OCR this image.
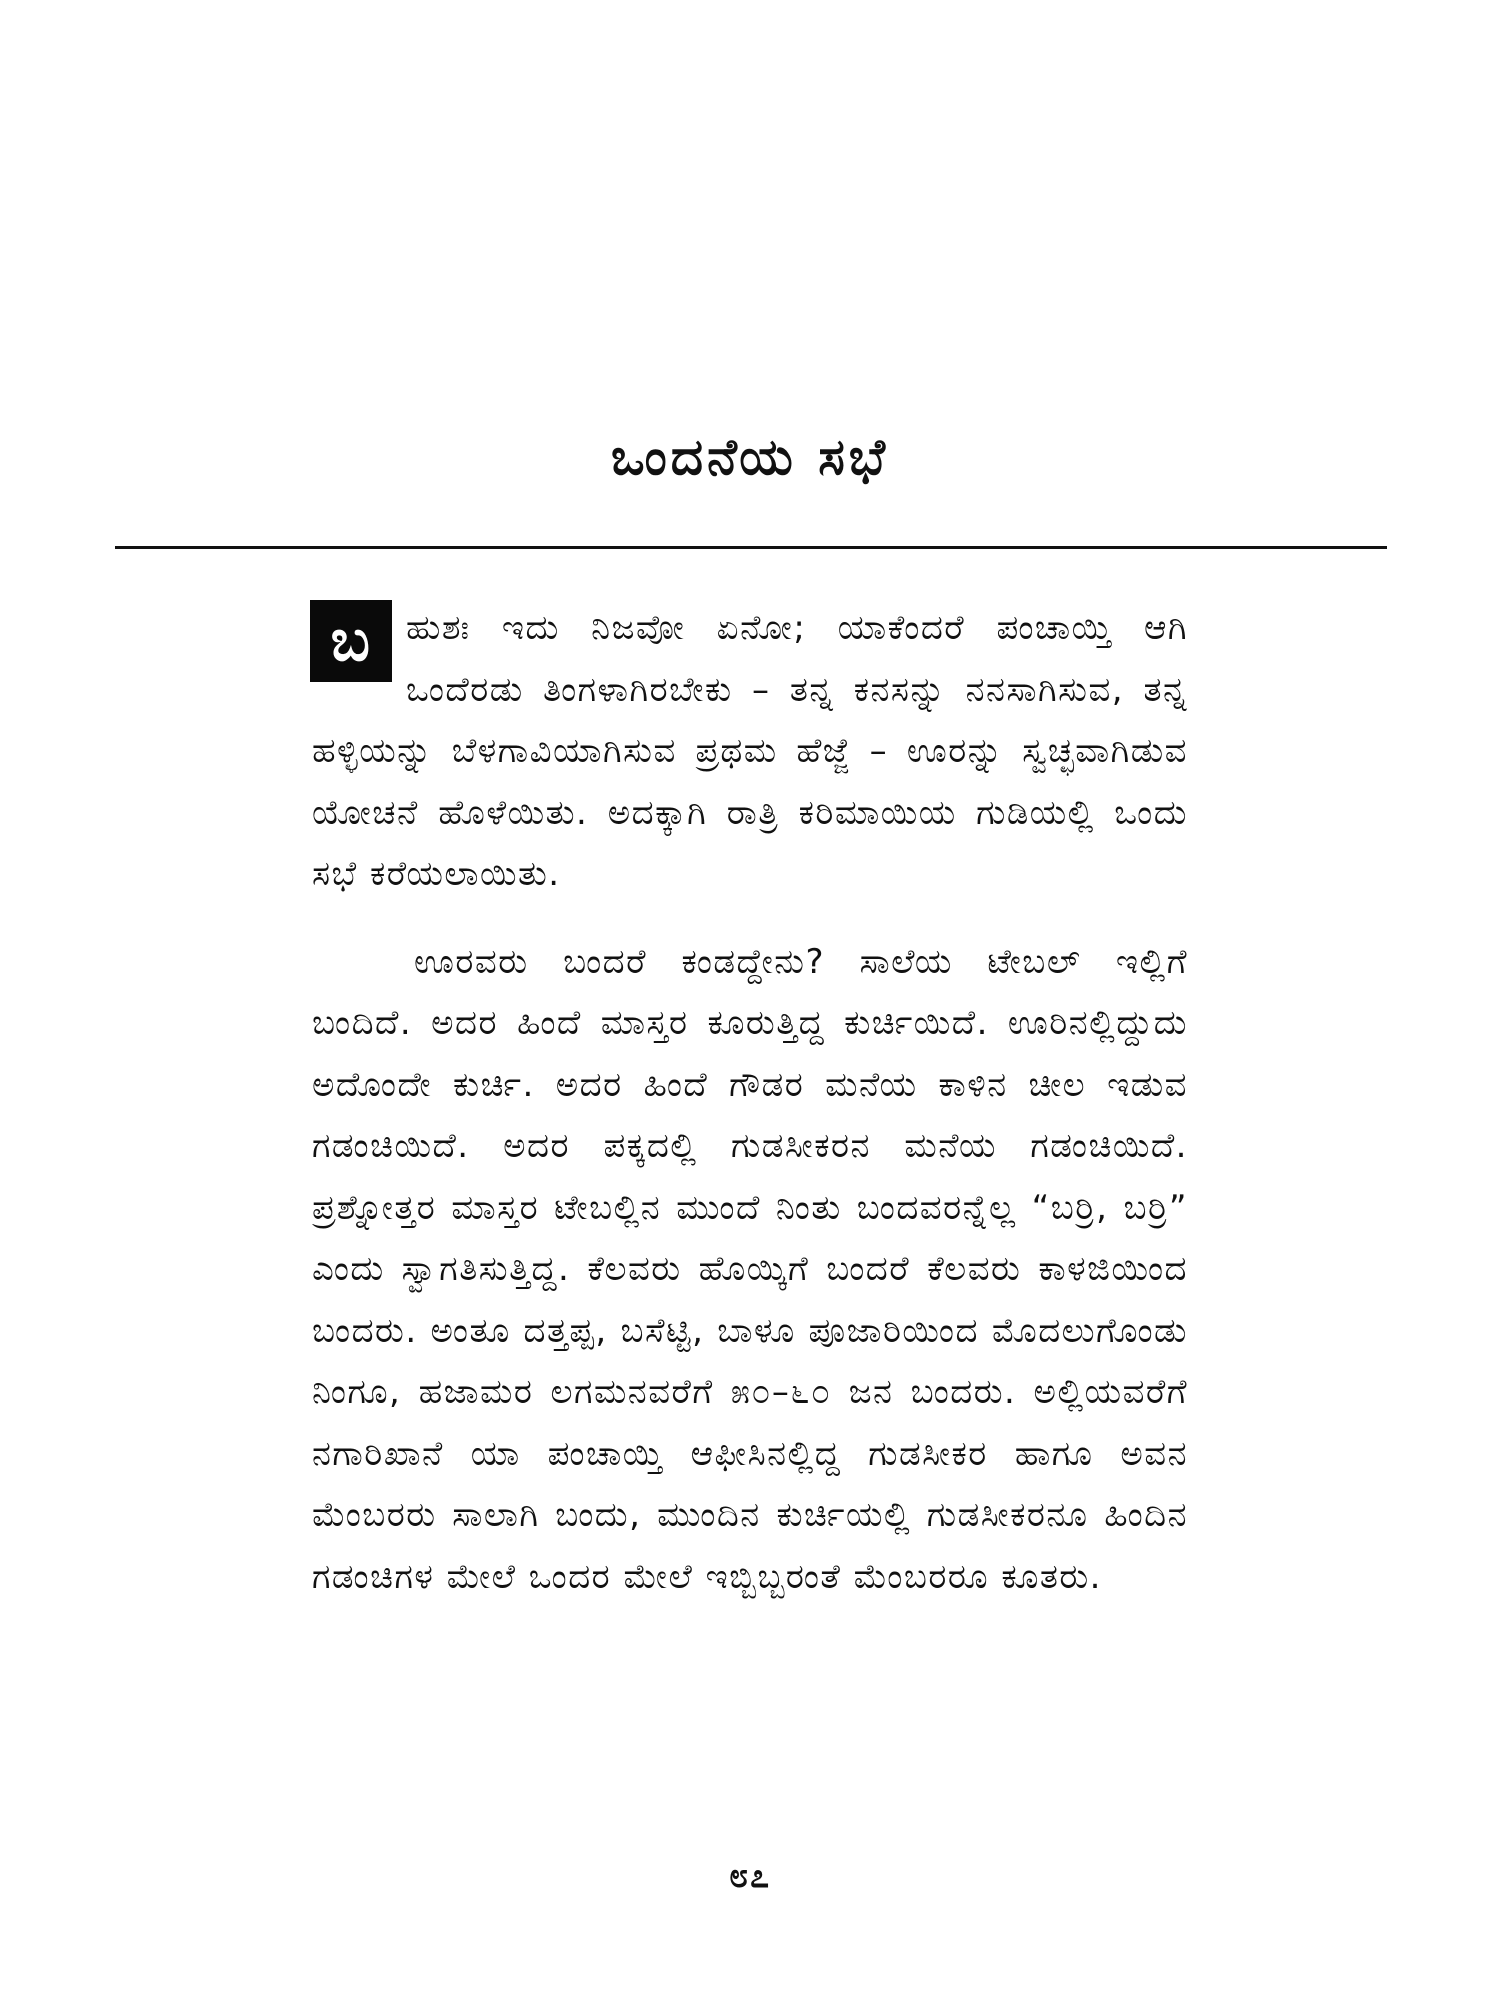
ಒಂದನೆಯ ಸಭೆ

ಬ	ಹುಶಃ ಇದು ನಿಜವೋ ಏನೋ; ಯಾಕೆಂದರೆ ಪಂಚಾಯ್ತಿ ಆಗಿ ಒಂದೆರಡು ತಿಂಗಳಾಗಿರಬೇಕು – ತನ್ನ ಕನಸನ್ನು ನನಸಾಗಿಸುವ, ತನ್ನ ಹಳ್ಳಿಯನ್ನು ಬೆಳಗಾವಿಯಾಗಿಸುವ ಪ್ರಥಮ ಹೆಜ್ಜೆ – ಊರನ್ನು ಸ್ವಚ್ಛವಾಗಿಡುವ ಯೋಚನೆ ಹೊಳೆಯಿತು. ಅದಕ್ಕಾಗಿ ರಾತ್ರಿ ಕರಿಮಾಯಿಯ ಗುಡಿಯಲ್ಲಿ ಒಂದು ಸಭೆ ಕರೆಯಲಾಯಿತು.

ಊರವರು ಬಂದರೆ ಕಂಡದ್ದೇನು? ಸಾಲೆಯ ಟೇಬಲ್ ಇಲ್ಲಿಗೆ ಬಂದಿದೆ. ಅದರ ಹಿಂದೆ ಮಾಸ್ತರ ಕೂರುತ್ತಿದ್ದ ಕುರ್ಚಿಯಿದೆ. ಊರಿನಲ್ಲಿದ್ದುದು ಅದೊಂದೇ ಕುರ್ಚಿ. ಅದರ ಹಿಂದೆ ಗೌಡರ ಮನೆಯ ಕಾಳಿನ ಚೀಲ ಇಡುವ ಗಡಂಚಿಯಿದೆ. ಅದರ ಪಕ್ಕದಲ್ಲಿ ಗುಡಸೀಕರನ ಮನೆಯ ಗಡಂಚಿಯಿದೆ. ಪ್ರಶ್ನೋತ್ತರ ಮಾಸ್ತರ ಟೇಬಲ್ಲಿನ ಮುಂದೆ ನಿಂತು ಬಂದವರನ್ನೆಲ್ಲ “ಬರ್ರಿ, ಬರ್ರಿ” ಎಂದು ಸ್ವಾಗತಿಸುತ್ತಿದ್ದ. ಕೆಲವರು ಹೊಯ್ಕಿಗೆ ಬಂದರೆ ಕೆಲವರು ಕಾಳಜಿಯಿಂದ ಬಂದರು. ಅಂತೂ ದತ್ತಪ್ಪ, ಬಸೆಟ್ಟಿ, ಬಾಳೂ ಪೂಜಾರಿಯಿಂದ ಮೊದಲುಗೊಂಡು ನಿಂಗೂ, ಹಜಾಮರ ಲಗಮನವರೆಗೆ ೫೦–೬೦ ಜನ ಬಂದರು. ಅಲ್ಲಿಯವರೆಗೆ ನಗಾರಿಖಾನೆ ಯಾ ಪಂಚಾಯ್ತಿ ಆಫೀಸಿನಲ್ಲಿದ್ದ ಗುಡಸೀಕರ ಹಾಗೂ ಅವನ ಮೆಂಬರರು ಸಾಲಾಗಿ ಬಂದು, ಮುಂದಿನ ಕುರ್ಚಿಯಲ್ಲಿ ಗುಡಸೀಕರನೂ ಹಿಂದಿನ ಗಡಂಚಿಗಳ ಮೇಲೆ ಒಂದರ ಮೇಲೆ ಇಬ್ಬಿಬ್ಬರಂತೆ ಮೆಂಬರರೂ ಕೂತರು.

೮೭
